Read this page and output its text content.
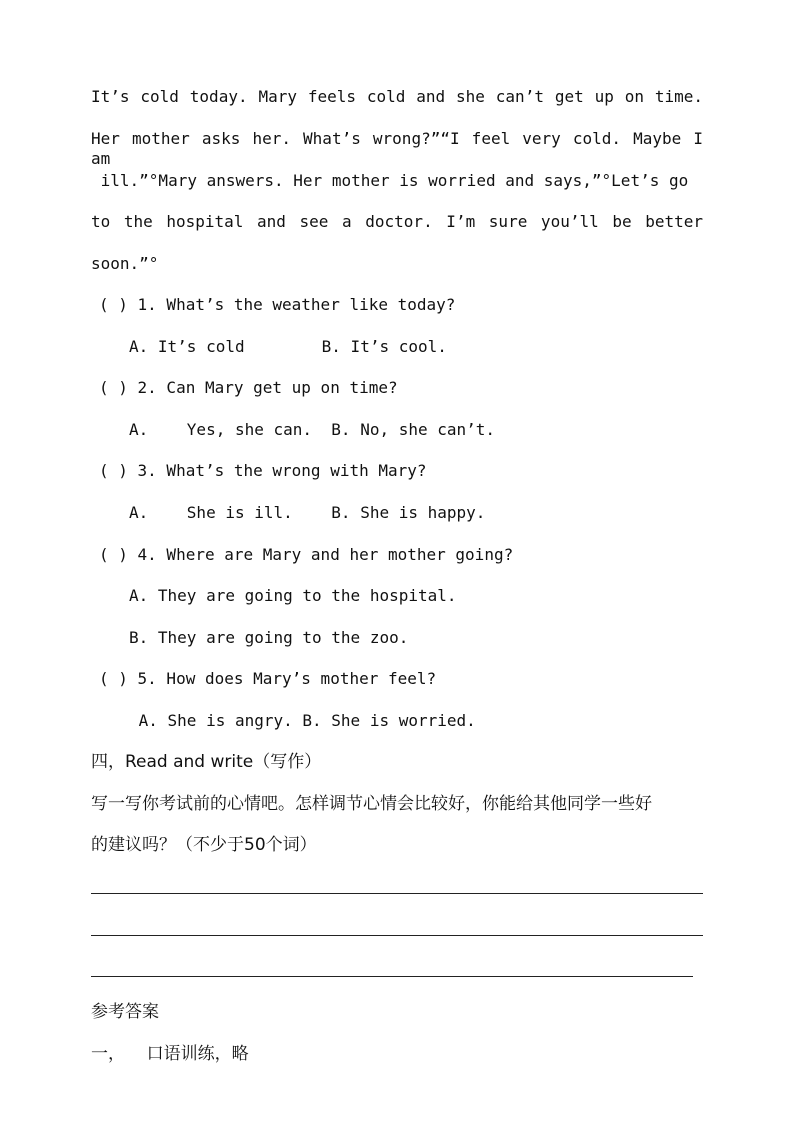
It’s cold today. Mary feels cold and she can’t get up on time.
Her mother asks her. What’s wrong?”“I feel very cold. Maybe I am
ill.”°Mary answers. Her mother is worried and says,”°Let’s go
to the hospital and see a doctor. I’m sure you’ll be better
soon.”°
( ) 1. What’s the weather like today?
A. It’s cold        B. It’s cool.
( ) 2. Can Mary get up on time?
A.    Yes, she can.  B. No, she can’t.
( ) 3. What’s the wrong with Mary?
A.    She is ill.    B. She is happy.
( ) 4. Where are Mary and her mother going?
A. They are going to the hospital.
B. They are going to the zoo.
( ) 5. How does Mary’s mother feel?
A. She is angry. B. She is worried.
四，Read and write（写作）
写一写你考试前的心情吧。怎样调节心情会比较好，你能给其他同学一些好
的建议吗？（不少于50个词）
参考答案
一，    口语训练，略
